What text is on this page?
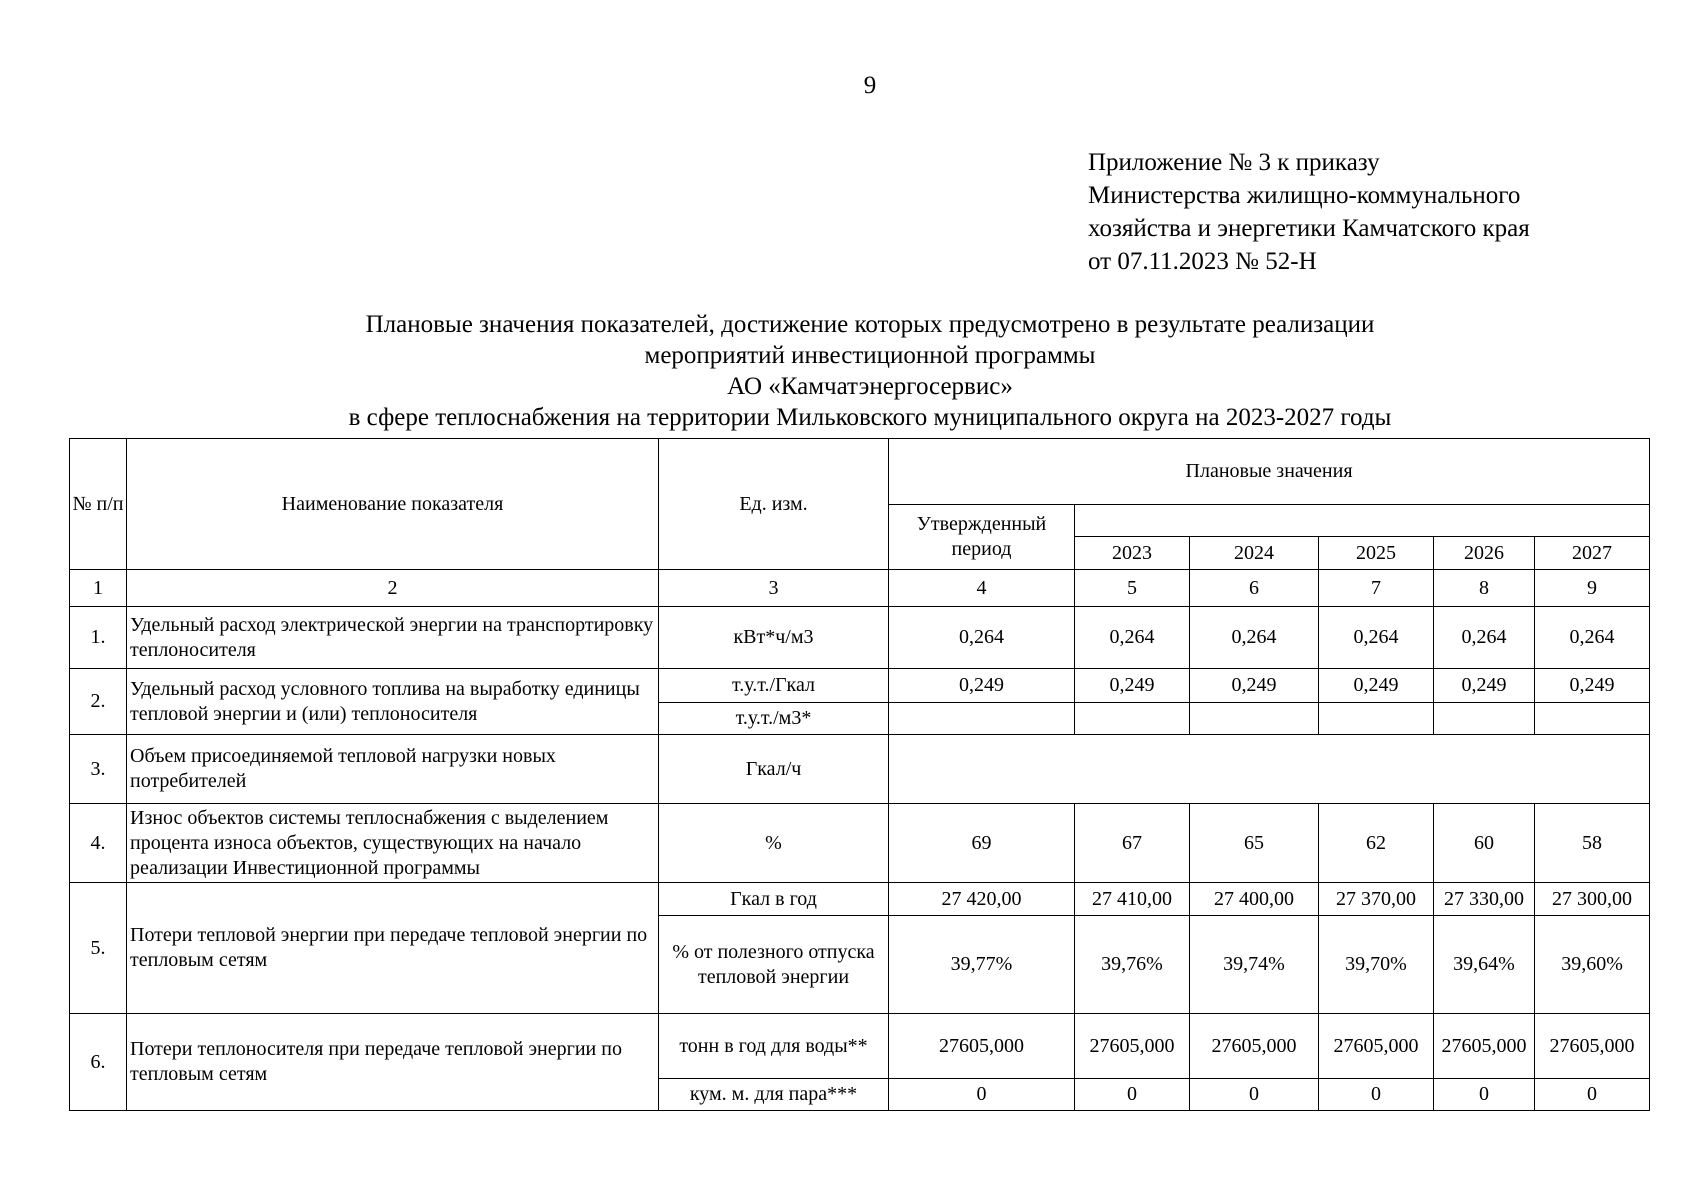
9
Приложение № 3 к приказу
Министерства жилищно-коммунального
хозяйства и энергетики Камчатского края
от 07.11.2023 № 52-Н
Плановые значения показателей, достижение которых предусмотрено в результате реализации
мероприятий инвестиционной программы
АО «Камчатэнергосервис»
в сфере теплоснабжения на территории Мильковского муниципального округа на 2023-2027 годы
№ п/п	Наименование показателя	Ед. изм.	Плановые значения					
			Утвержденный период					
				2023	2024	2025	2026	2027
1	2	3	4	5	6	7	8	9
1.	Удельный расход электрической энергии на транспортировку теплоносителя	кВт*ч/м3	0,264	0,264	0,264	0,264	0,264	0,264
2.	Удельный расход условного топлива на выработку единицы тепловой энергии и (или) теплоносителя	т.у.т./Гкал	0,249	0,249	0,249	0,249	0,249	0,249
		т.у.т./м3*						
3.	Объем присоединяемой тепловой нагрузки новых потребителей	Гкал/ч						
4.	Износ объектов системы теплоснабжения с выделением процента износа объектов, существующих на начало реализации Инвестиционной программы	%	69	67	65	62	60	58
5.	Потери тепловой энергии при передаче тепловой энергии по тепловым сетям	Гкал в год	27 420,00	27 410,00	27 400,00	27 370,00	27 330,00	27 300,00
		% от полезного отпуска тепловой энергии	39,77%	39,76%	39,74%	39,70%	39,64%	39,60%
6.	Потери теплоносителя при передаче тепловой энергии по тепловым сетям	тонн в год для воды**	27605,000	27605,000	27605,000	27605,000	27605,000	27605,000
		кум. м. для пара***	0	0	0	0	0	0
